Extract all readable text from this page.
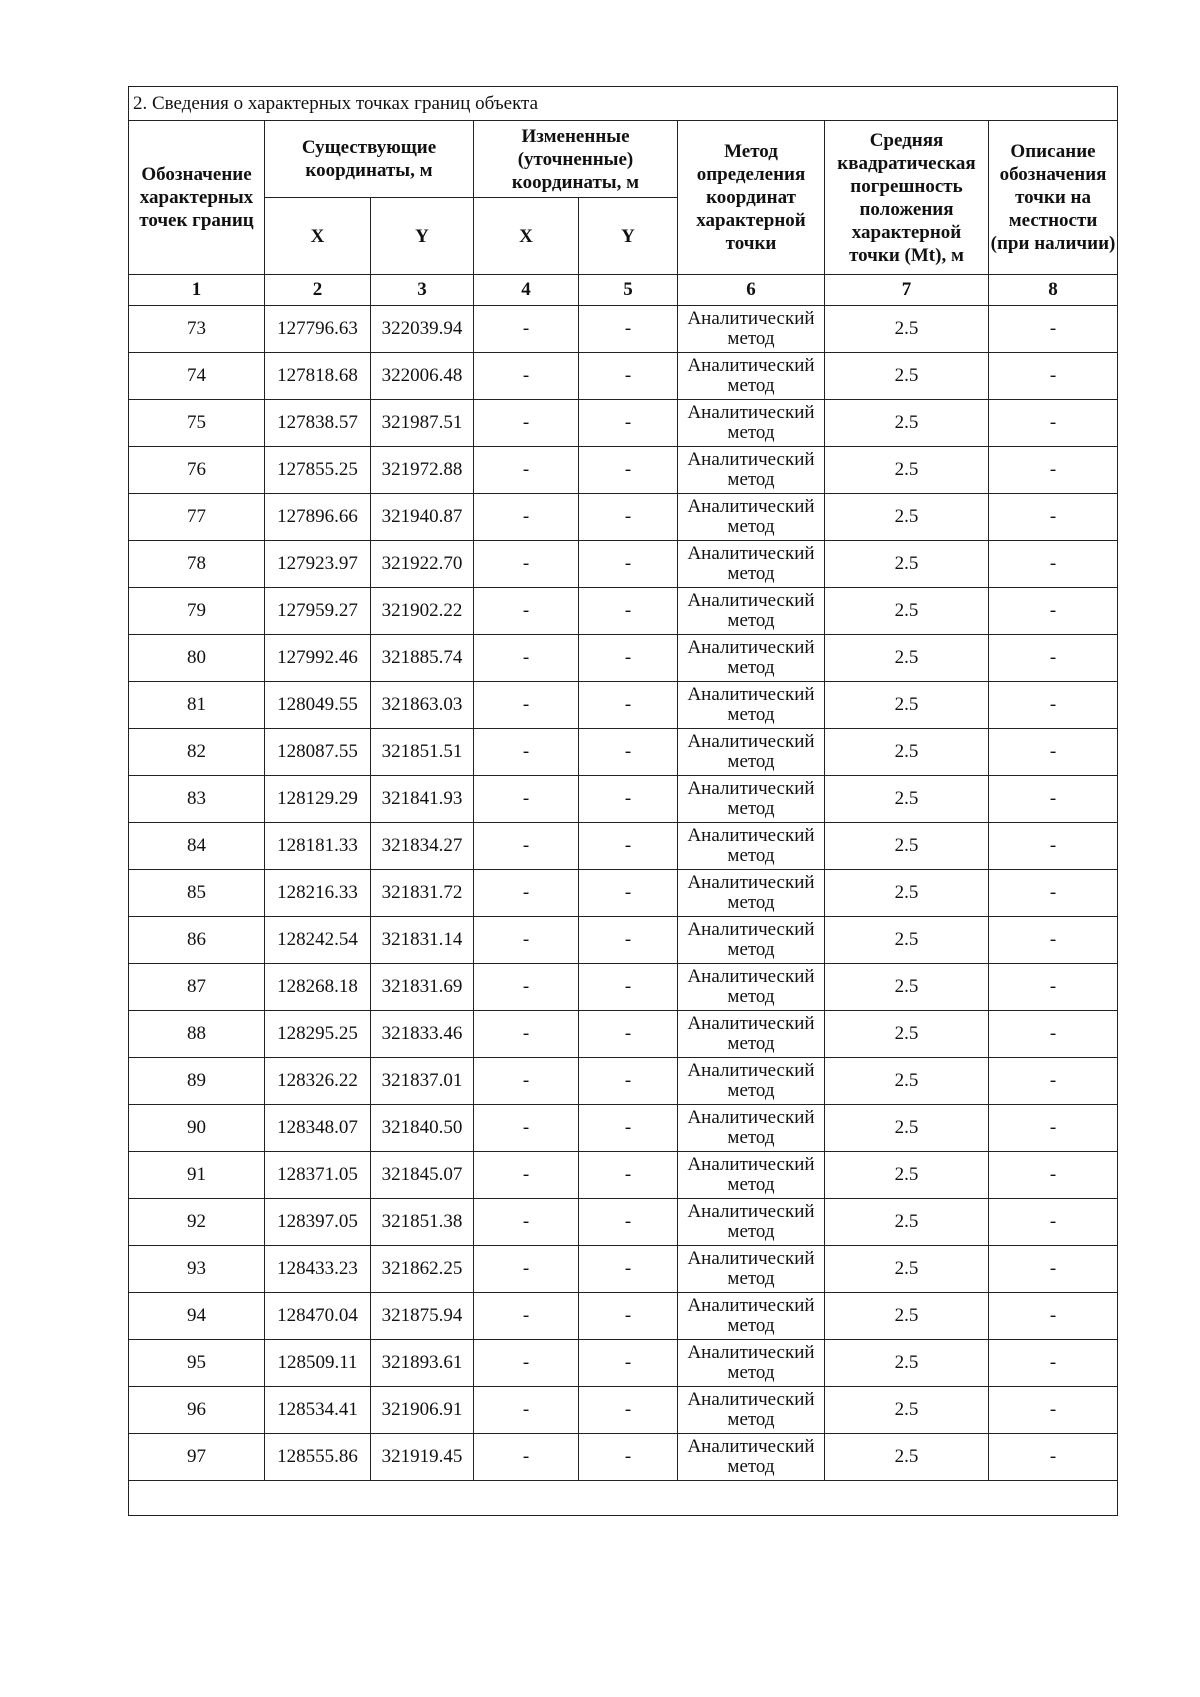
2. Сведения о характерных точках границ объекта							
Обозначение характерных точек границ	Существующие координаты, м		Измененные (уточненные) координаты, м		Метод определения координат характерной точки	Средняя квадратическая погрешность положения характерной точки (Mt), м	Описание обозначения точки на местности (при наличии)
	X	Y	X	Y			
1	2	3	4	5	6	7	8
73	127796.63	322039.94	-	-	Аналитический метод	2.5	-
74	127818.68	322006.48	-	-	Аналитический метод	2.5	-
75	127838.57	321987.51	-	-	Аналитический метод	2.5	-
76	127855.25	321972.88	-	-	Аналитический метод	2.5	-
77	127896.66	321940.87	-	-	Аналитический метод	2.5	-
78	127923.97	321922.70	-	-	Аналитический метод	2.5	-
79	127959.27	321902.22	-	-	Аналитический метод	2.5	-
80	127992.46	321885.74	-	-	Аналитический метод	2.5	-
81	128049.55	321863.03	-	-	Аналитический метод	2.5	-
82	128087.55	321851.51	-	-	Аналитический метод	2.5	-
83	128129.29	321841.93	-	-	Аналитический метод	2.5	-
84	128181.33	321834.27	-	-	Аналитический метод	2.5	-
85	128216.33	321831.72	-	-	Аналитический метод	2.5	-
86	128242.54	321831.14	-	-	Аналитический метод	2.5	-
87	128268.18	321831.69	-	-	Аналитический метод	2.5	-
88	128295.25	321833.46	-	-	Аналитический метод	2.5	-
89	128326.22	321837.01	-	-	Аналитический метод	2.5	-
90	128348.07	321840.50	-	-	Аналитический метод	2.5	-
91	128371.05	321845.07	-	-	Аналитический метод	2.5	-
92	128397.05	321851.38	-	-	Аналитический метод	2.5	-
93	128433.23	321862.25	-	-	Аналитический метод	2.5	-
94	128470.04	321875.94	-	-	Аналитический метод	2.5	-
95	128509.11	321893.61	-	-	Аналитический метод	2.5	-
96	128534.41	321906.91	-	-	Аналитический метод	2.5	-
97	128555.86	321919.45	-	-	Аналитический метод	2.5	-
